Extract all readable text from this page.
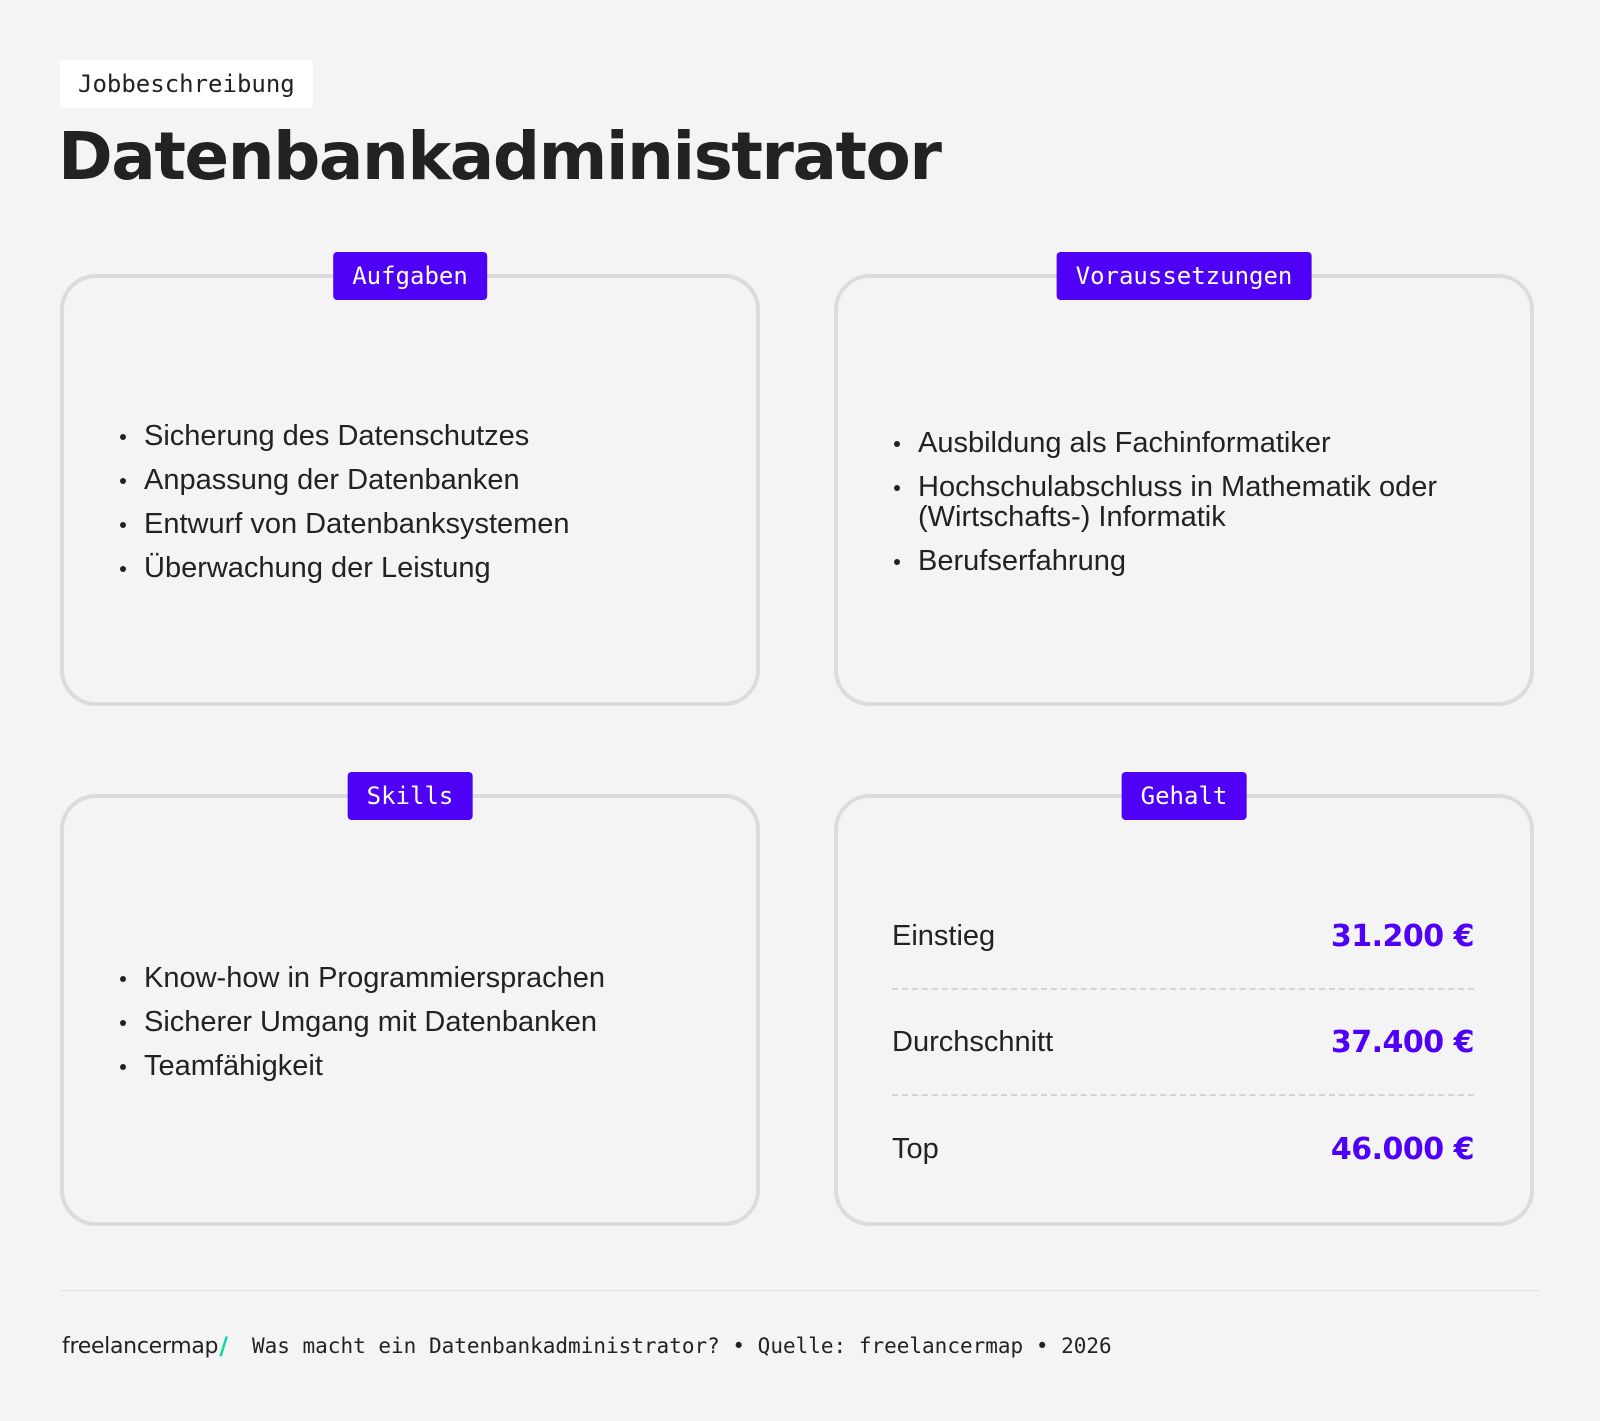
Jobbeschreibung
Datenbankadministrator
Aufgaben
Sicherung des Datenschutzes
Anpassung der Datenbanken
Entwurf von Datenbanksystemen
Überwachung der Leistung
Voraussetzungen
Ausbildung als Fachinformatiker
Hochschulabschluss in Mathematik oder (Wirtschafts-) Informatik
Berufserfahrung
Skills
Know-how in Programmiersprachen
Sicherer Umgang mit Datenbanken
Teamfähigkeit
Gehalt
Einstieg	31.200 €
Durchschnitt	37.400 €
Top	46.000 €
freelancermap / Was macht ein Datenbankadministrator? • Quelle: freelancermap • 2026
